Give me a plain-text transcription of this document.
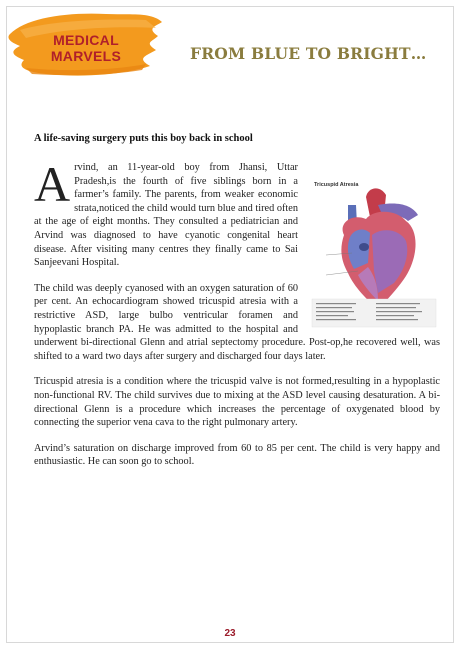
MEDICAL
MARVELS	FROM BLUE TO BRIGHT…
A life-saving surgery puts this boy back in school
Tricuspid Atresia

Arvind, an 11-year-old boy from Jhansi, Uttar Pradesh,is the fourth of five siblings born in a farmer’s family. The parents, from weaker economic strata,noticed the child would turn blue and tired often at the age of eight months. They consulted a pediatrician and Arvind was diagnosed to have cyanotic congenital heart disease. After visiting many centres they finally came to Sai Sanjeevani Hospital.

The child was deeply cyanosed with an oxygen saturation of 60 per cent. An echocardiogram showed tricuspid atresia with a restrictive ASD, large bulbo ventricular foramen and hypoplastic branch PA. He was admitted to the hospital and underwent bi-directional Glenn and atrial septectomy procedure. Post-op,he recovered well, was shifted to a ward two days after surgery and discharged four days later.

Tricuspid atresia is a condition where the tricuspid valve is not formed,resulting in a hypoplastic non-functional RV. The child survives due to mixing at the ASD level causing desaturation. A bi-directional Glenn is a procedure which increases the percentage of oxygenated blood by connecting the superior vena cava to the right pulmonary artery.

Arvind’s saturation on discharge improved from 60 to 85 per cent. The child is very happy and enthusiastic. He can soon go to school.

23
